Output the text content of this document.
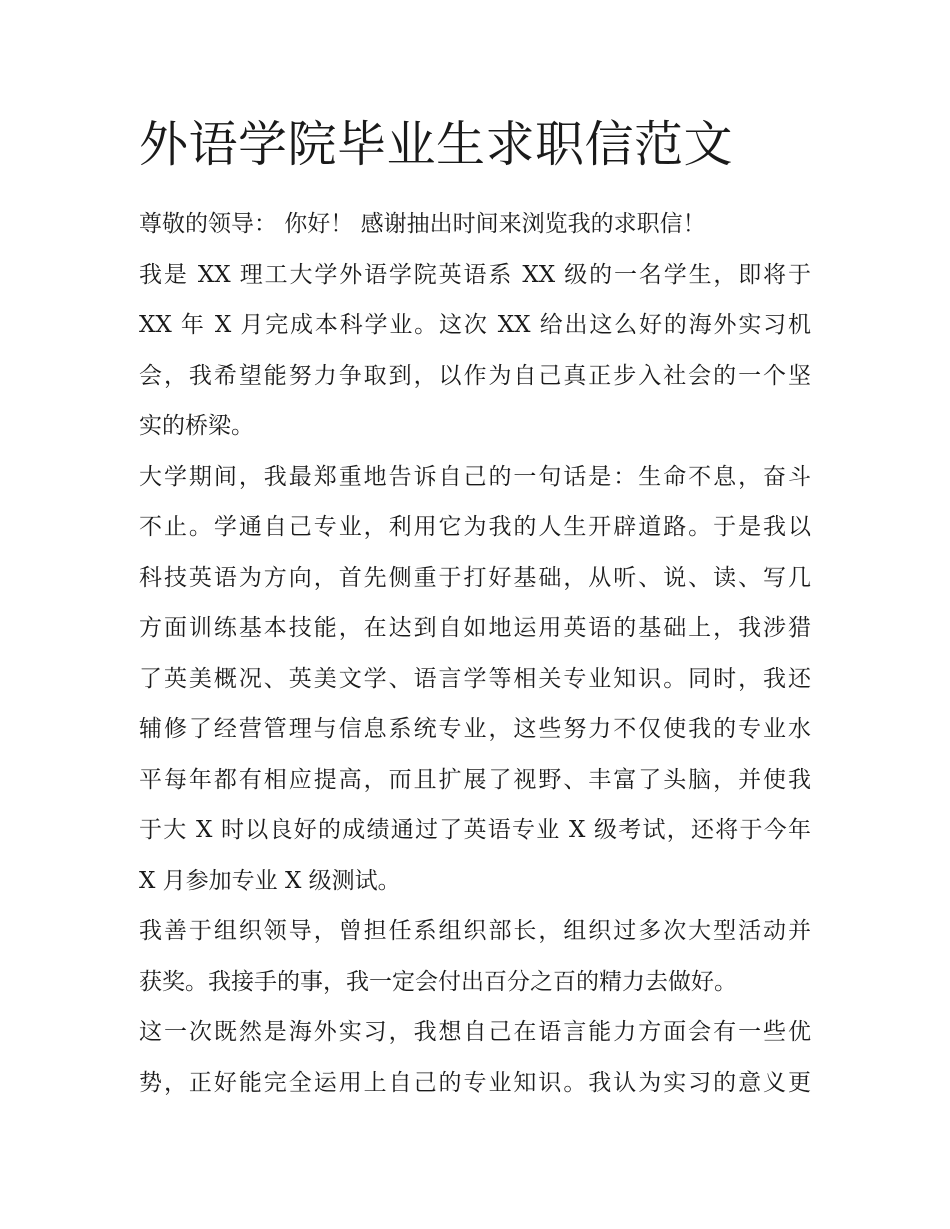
外语学院毕业生求职信范文
尊敬的领导： 你好！ 感谢抽出时间来浏览我的求职信！
我是 XX 理工大学外语学院英语系 XX 级的一名学生，即将于
XX 年 X 月完成本科学业。这次 XX 给出这么好的海外实习机
会，我希望能努力争取到，以作为自己真正步入社会的一个坚
实的桥梁。
大学期间，我最郑重地告诉自己的一句话是：生命不息，奋斗
不止。学通自己专业，利用它为我的人生开辟道路。于是我以
科技英语为方向，首先侧重于打好基础，从听、说、读、写几
方面训练基本技能，在达到自如地运用英语的基础上，我涉猎
了英美概况、英美文学、语言学等相关专业知识。同时，我还
辅修了经营管理与信息系统专业，这些努力不仅使我的专业水
平每年都有相应提高，而且扩展了视野、丰富了头脑，并使我
于大 X 时以良好的成绩通过了英语专业 X 级考试，还将于今年
X 月参加专业 X 级测试。
我善于组织领导，曾担任系组织部长，组织过多次大型活动并
获奖。我接手的事，我一定会付出百分之百的精力去做好。
这一次既然是海外实习，我想自己在语言能力方面会有一些优
势，正好能完全运用上自己的专业知识。我认为实习的意义更
